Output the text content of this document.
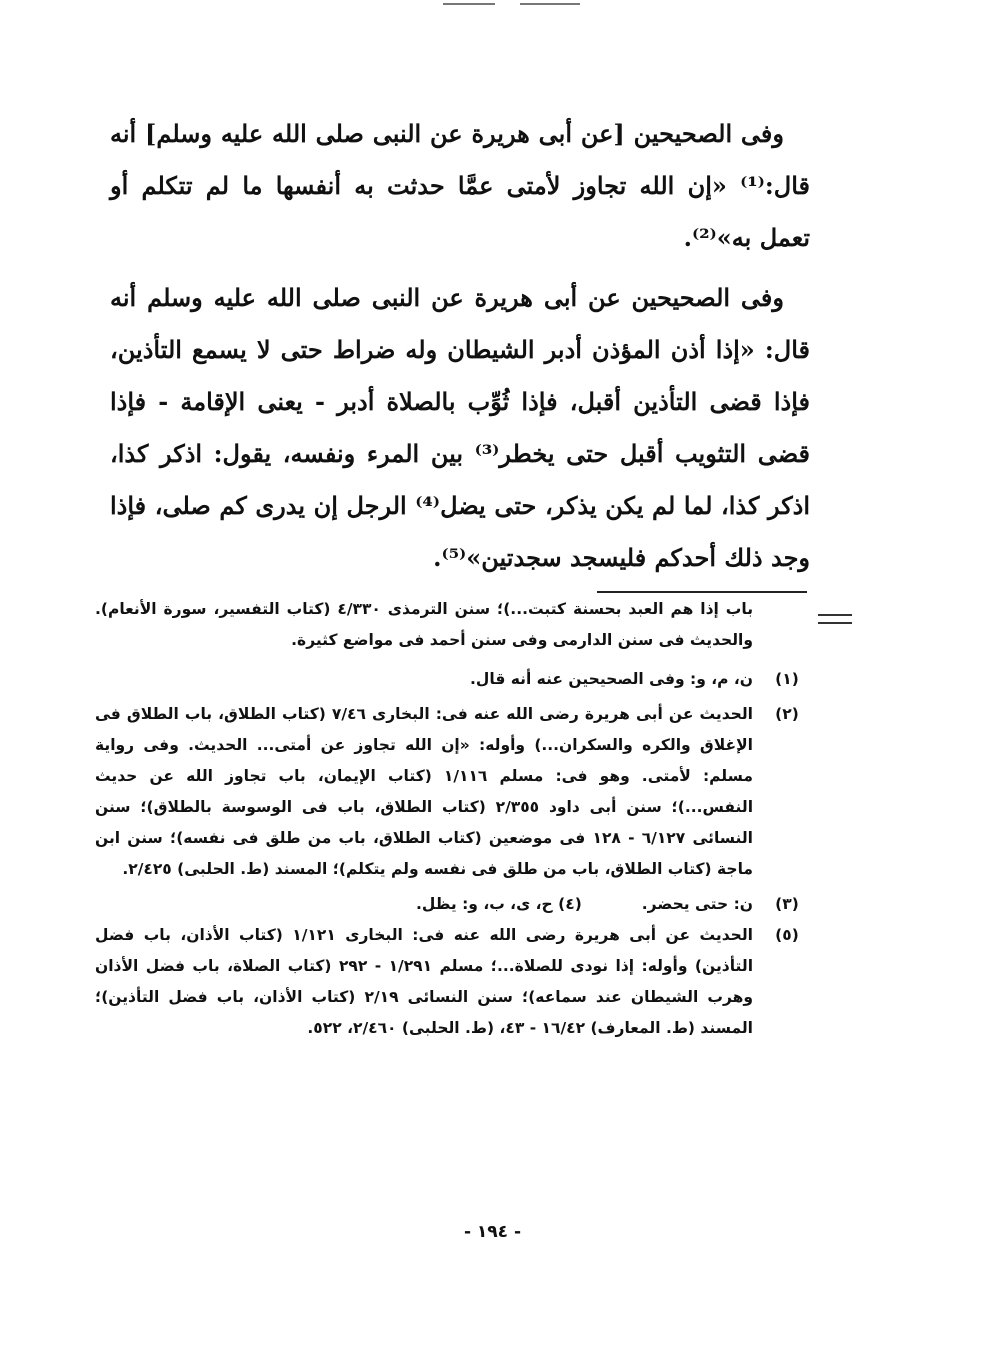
وفى الصحيحين [عن أبى هريرة عن النبى صلى الله عليه وسلم] أنه قال:⁽¹⁾ «إن الله تجاوز لأمتى عمَّا حدثت به أنفسها ما لم تتكلم أو تعمل به»⁽²⁾.

وفى الصحيحين عن أبى هريرة عن النبى صلى الله عليه وسلم أنه قال: «إذا أذن المؤذن أدبر الشيطان وله ضراط حتى لا يسمع التأذين، فإذا قضى التأذين أقبل، فإذا ثُوِّب بالصلاة أدبر - يعنى الإقامة - فإذا قضى التثويب أقبل حتى يخطر⁽³⁾ بين المرء ونفسه، يقول: اذكر كذا، اذكر كذا، لما لم يكن يذكر، حتى يضل⁽⁴⁾ الرجل إن يدرى كم صلى، فإذا وجد ذلك أحدكم فليسجد سجدتين»⁽⁵⁾.

باب إذا هم العبد بحسنة كتبت...)؛ سنن الترمذى ٤/٣٣٠ (كتاب التفسير، سورة الأنعام). والحديث فى سنن الدارمى وفى سنن أحمد فى مواضع كثيرة.

(١)
ن، م، و: وفى الصحيحين عنه أنه قال.
(٢)
الحديث عن أبى هريرة رضى الله عنه فى: البخارى ٧/٤٦ (كتاب الطلاق، باب الطلاق فى الإغلاق والكره والسكران...) وأوله: «إن الله تجاوز عن أمتى... الحديث. وفى رواية مسلم: لأمتى. وهو فى: مسلم ١/١١٦ (كتاب الإيمان، باب تجاوز الله عن حديث النفس...)؛ سنن أبى داود ٢/٣٥٥ (كتاب الطلاق، باب فى الوسوسة بالطلاق)؛ سنن النسائى ٦/١٢٧ - ١٢٨ فى موضعين (كتاب الطلاق، باب من طلق فى نفسه)؛ سنن ابن ماجة (كتاب الطلاق، باب من طلق فى نفسه ولم يتكلم)؛ المسند (ط. الحلبى) ٢/٤٢٥.
(٣)
ن: حتى يحضر.
(٤) ح، ى، ب، و: يظل.
(٥)
الحديث عن أبى هريرة رضى الله عنه فى: البخارى ١/١٢١ (كتاب الأذان، باب فضل التأذين) وأوله: إذا نودى للصلاة...؛ مسلم ١/٢٩١ - ٢٩٢ (كتاب الصلاة، باب فضل الأذان وهرب الشيطان عند سماعه)؛ سنن النسائى ٢/١٩ (كتاب الأذان، باب فضل التأذين)؛ المسند (ط. المعارف) ١٦/٤٢ - ٤٣، (ط. الحلبى) ٢/٤٦٠، ٥٢٢.
- ١٩٤ -
